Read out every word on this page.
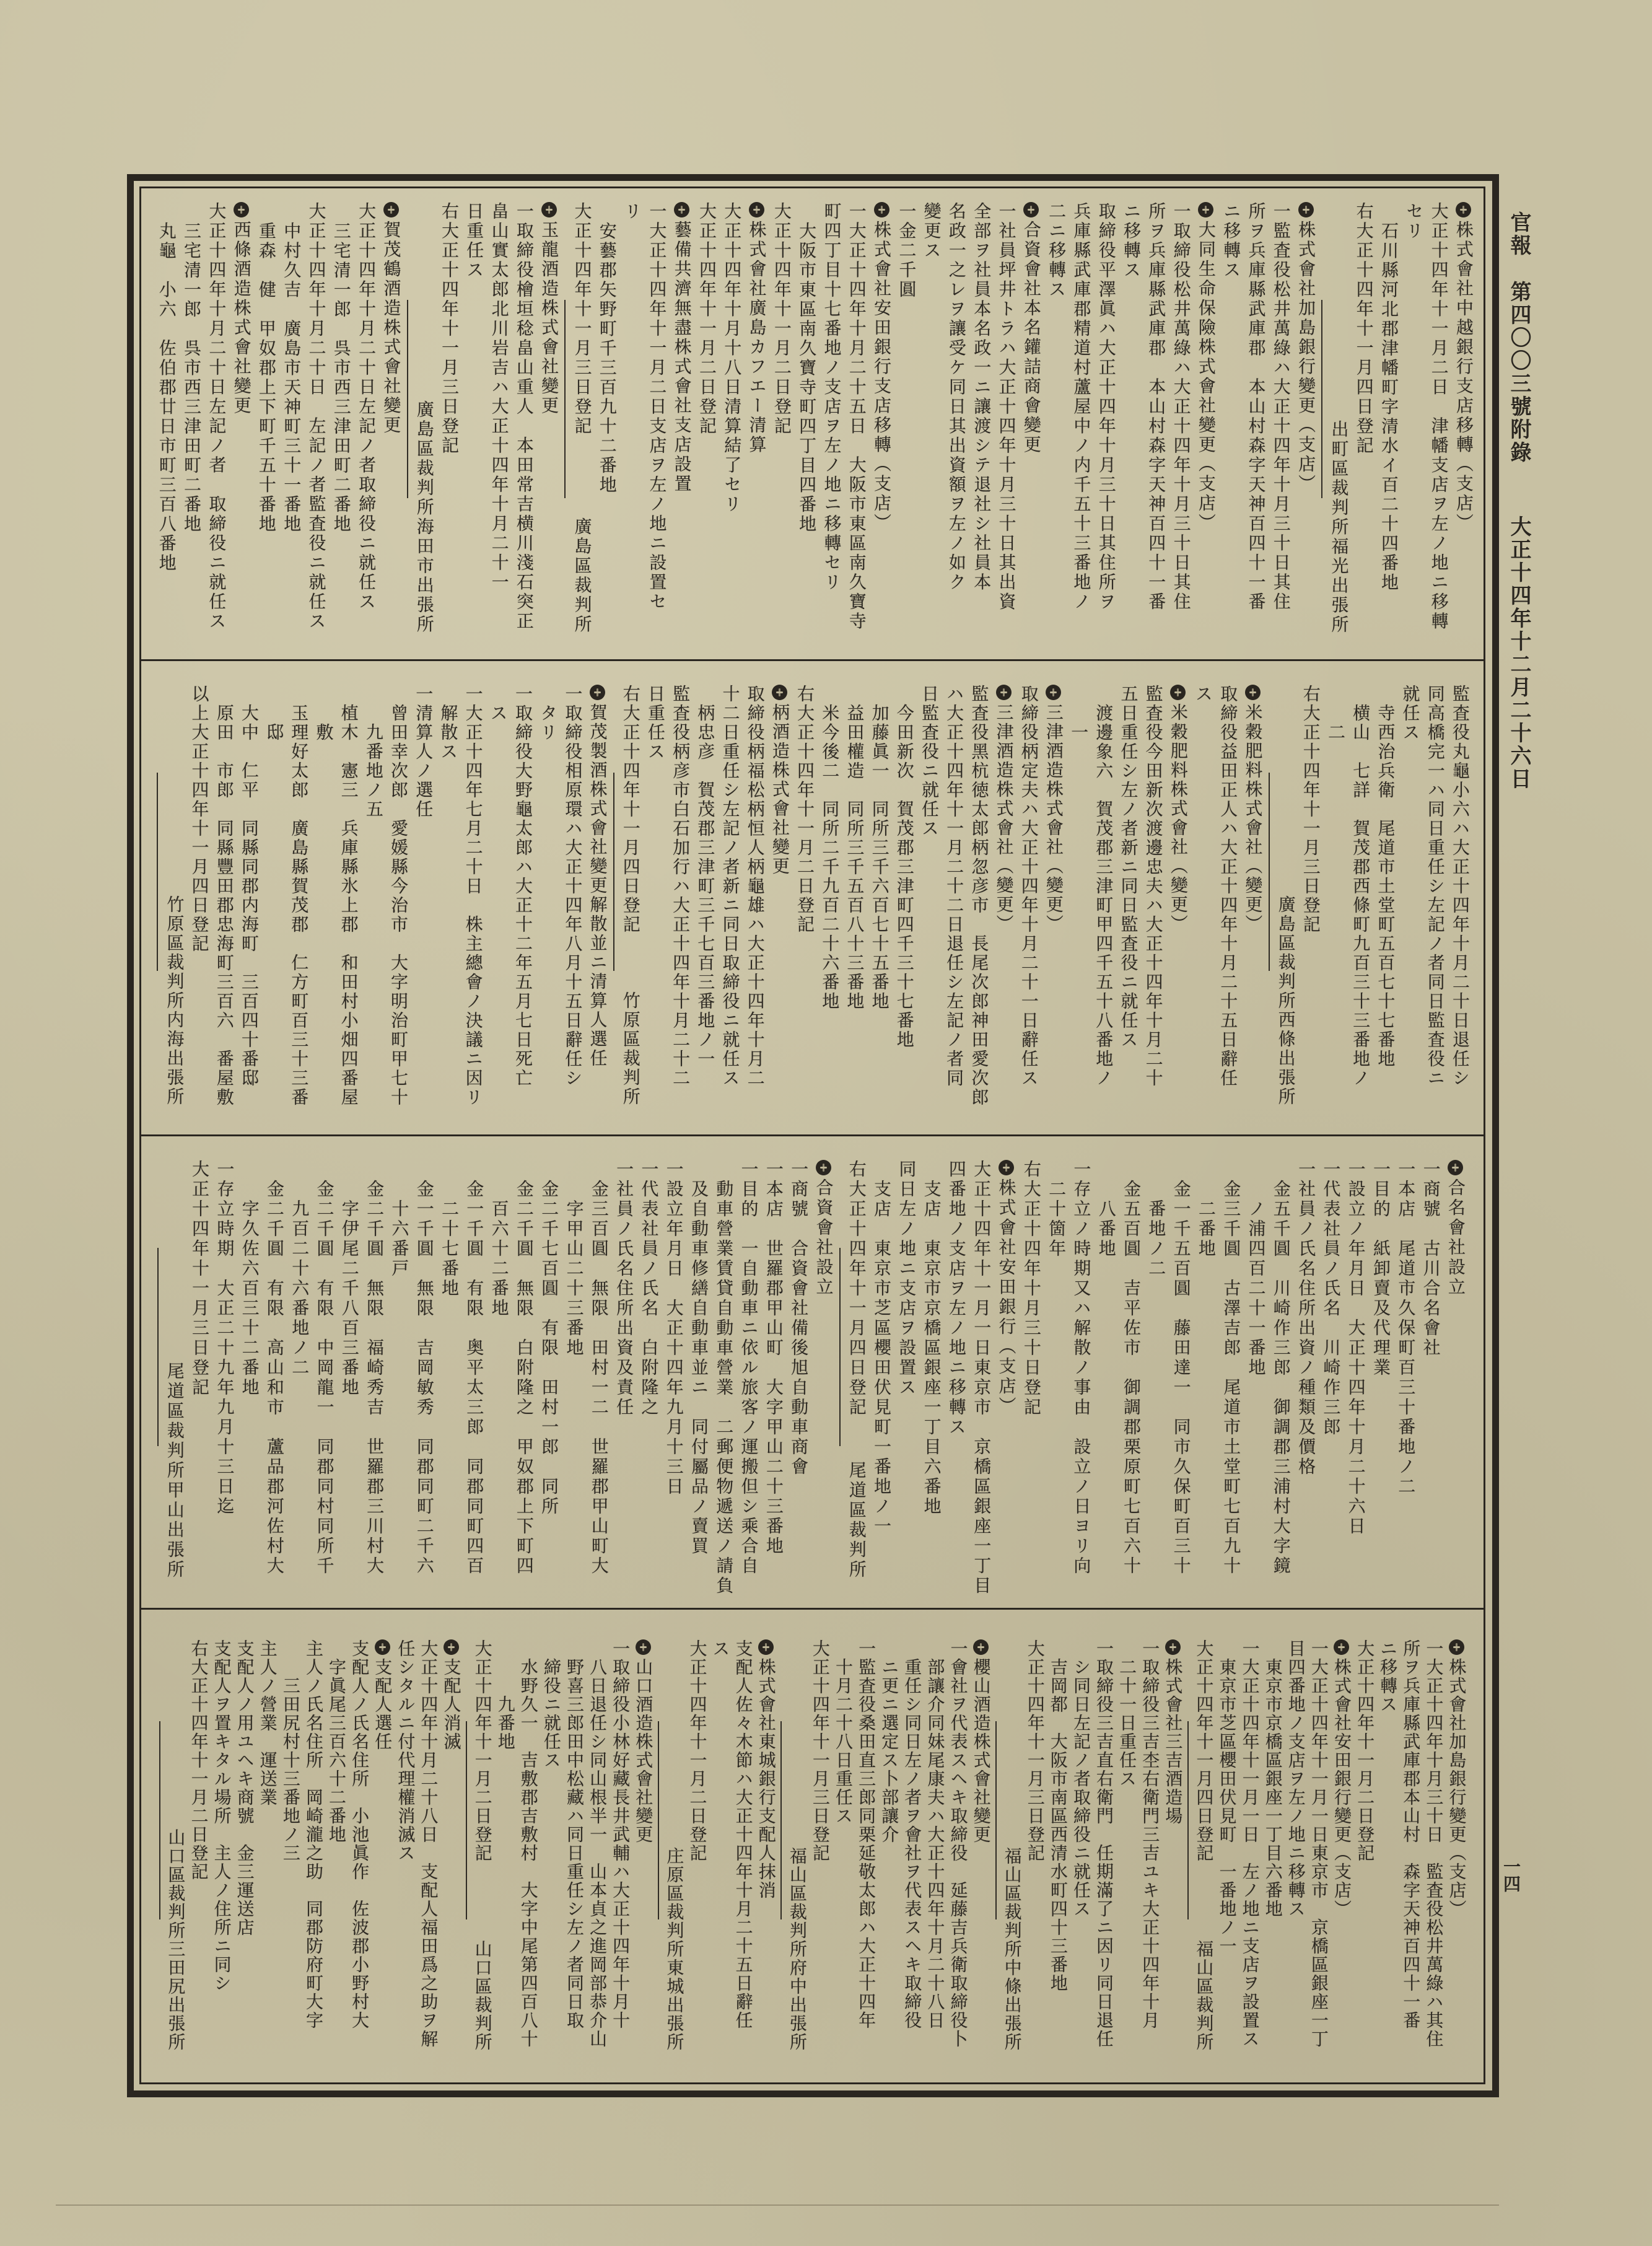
官報
第四〇〇三號附錄
大正十四年十二月二十六日
一四
株式會社中越銀行支店移轉（支店）
大正十四年十一月二日　津幡支店ヲ左ノ地ニ移轉
セリ
石川縣河北郡津幡町字清水イ百二十四番地
右大正十四年十一月四日登記
出町區裁判所福光出張所
株式會社加島銀行變更（支店）
一監査役松井萬綠ハ大正十四年十月三十日其住
所ヲ兵庫縣武庫郡　本山村森字天神百四十一番
ニ移轉ス
大同生命保險株式會社變更（支店）
一取締役松井萬綠ハ大正十四年十月三十日其住
所ヲ兵庫縣武庫郡　本山村森字天神百四十一番
ニ移轉ス
取締役平澤眞ハ大正十四年十月三十日其住所ヲ
兵庫縣武庫郡精道村蘆屋中ノ内千五十三番地ノ
二ニ移轉ス
合資會社本名鑵詰商會變更
一社員坪井トラハ大正十四年十月三十日其出資
全部ヲ社員本名政一ニ讓渡シテ退社シ社員本
名政一之レヲ讓受ケ同日其出資額ヲ左ノ如ク
變更ス
一金二千圓
株式會社安田銀行支店移轉（支店）
一大正十四年十月二十五日　大阪市東區南久寶寺
町四丁目十七番地ノ支店ヲ左ノ地ニ移轉セリ
大阪市東區南久寶寺町四丁目四番地
大正十四年十一月二日登記
株式會社廣島カフエー清算
大正十四年十月十八日清算結了セリ
大正十四年十一月二日登記
藝備共濟無盡株式會社支店設置
一大正十四年十一月二日支店ヲ左ノ地ニ設置セ
リ
安藝郡矢野町千三百九十二番地
大正十四年十一月三日登記
廣島區裁判所
玉龍酒造株式會社變更
一取締役檜垣稔畠山重人　本田常吉横川淺石突正
畠山實太郎北川岩吉ハ大正十四年十月二十一
日重任ス
右大正十四年十一月三日登記
廣島區裁判所海田市出張所
賀茂鶴酒造株式會社變更
大正十四年十月二十日左記ノ者取締役ニ就任ス
三宅清一郎　呉市西三津田町二番地
大正十四年十月二十日　左記ノ者監査役ニ就任ス
中村久吉　廣島市天神町三十一番地
重森　健　甲奴郡上下町千五十番地
西條酒造株式會社變更
大正十四年十月二十日左記ノ者　取締役ニ就任ス
三宅清一郎　呉市西三津田町二番地
丸龜　小六　佐伯郡廿日市町三百八番地
監査役丸龜小六ハ大正十四年十月二十日退任シ
同高橋完一ハ同日重任シ左記ノ者同日監査役ニ
就任ス
寺西治兵衛　尾道市土堂町五百七十七番地
横山　七詳　賀茂郡西條町九百三十三番地ノ
二
右大正十四年十一月三日登記
廣島區裁判所西條出張所
米穀肥料株式會社（變更）
取締役益田正人ハ大正十四年十月二十五日辭任
ス
米穀肥料株式會社（變更）
監査役今田新次渡邊忠夫ハ大正十四年十月二十
五日重任シ左ノ者新ニ同日監査役ニ就任ス
渡邊象六　賀茂郡三津町甲四千五十八番地ノ
一
三津酒造株式會社（變更）
取締役柄定夫ハ大正十四年十月二十一日辭任ス
三津酒造株式會社（變更）
監査役黑杭徳太郎柄忽彦市　長尾次郎神田愛次郎
ハ大正十四年十一月二十二日退任シ左記ノ者同
日監査役ニ就任ス
今田新次　賀茂郡三津町四千三十七番地
加藤眞一　同所三千六百七十五番地
益田權造　同所三千五百八十三番地
米今後二　同所二千九百二十六番地
右大正十四年十一月二日登記
柄酒造株式會社變更
取締役柄福松柄恒人柄龜雄ハ大正十四年十月二
十二日重任シ左記ノ者新ニ同日取締役ニ就任ス
柄忠彦　賀茂郡三津町三千七百三番地ノ一
監査役柄彦市白石加行ハ大正十四年十月二十二
日重任ス
右大正十四年十一月四日登記
竹原區裁判所
賀茂製酒株式會社變更解散並ニ清算人選任
一取締役相原環ハ大正十四年八月十五日辭任シ
タリ
一取締役大野龜太郎ハ大正十二年五月七日死亡
ス
一大正十四年七月二十日　株主總會ノ決議ニ因リ
解散ス
一清算人ノ選任
曾田幸次郎　愛媛縣今治市　大字明治町甲七十
九番地ノ五
植木　憲三　兵庫縣氷上郡　和田村小畑四番屋
敷
玉理好太郎　廣島縣賀茂郡　仁方町百三十三番
邸
大中　仁平　同縣同郡内海町　三百四十番邸
原田　市郎　同縣豐田郡忠海町三百六　番屋敷
以上大正十四年十一月四日登記
竹原區裁判所内海出張所
合名會社設立
一商號　古川合名會社
一本店　尾道市久保町百三十番地ノ二
一目的　紙卸賣及代理業
一設立ノ年月日　大正十四年十月二十六日
一代表社員ノ氏名　川崎作三郎
一社員ノ氏名住所出資ノ種類及價格
金五千圓　川崎作三郎　御調郡三浦村大字鏡
ノ浦四百二十一番地
金三千圓　古澤吉郎　尾道市土堂町七百九十
二番地
金一千五百圓　藤田達一　同市久保町百三十
番地ノ二
金五百圓　吉平佐市　御調郡栗原町七百六十
八番地
一存立ノ時期又ハ解散ノ事由　設立ノ日ヨリ向
二十箇年
右大正十四年十月三十日登記
株式會社安田銀行（支店）
大正十四年十一月一日東京市　京橋區銀座一丁目
四番地ノ支店ヲ左ノ地ニ移轉ス
支店　東京市京橋區銀座一丁目六番地
同日左ノ地ニ支店ヲ設置ス
支店　東京市芝區櫻田伏見町一番地ノ一
右大正十四年十一月四日登記
尾道區裁判所
合資會社設立
一商號　合資會社備後旭自動車商會
一本店　世羅郡甲山町　大字甲山二十三番地
一目的　一自動車ニ依ル旅客ノ運搬但シ乘合自
動車營業賃貸自動車營業　二郵便物遞送ノ請負
及自動車修繕自動車並ニ　同付屬品ノ賣買
一設立年月日　大正十四年九月十三日
一代表社員ノ氏名　白附隆之
一社員ノ氏名住所出資及責任
金三百圓　無限　田村一二　世羅郡甲山町大
字甲山二十三番地
金二千七百圓　有限　田村一郎　同所
金二千圓　無限　白附隆之　甲奴郡上下町四
百六十二番地
金一千圓　有限　奥平太三郎　同郡同町四百
二十七番地
金一千圓　無限　吉岡敏秀　同郡同町二千六
十六番戸
金二千圓　無限　福崎秀吉　世羅郡三川村大
字伊尾二千八百三番地
金二千圓　有限　中岡龍一　同郡同村同所千
九百二十六番地ノ二
金二千圓　有限　高山和市　蘆品郡河佐村大
字久佐六百三十二番地
一存立時期　大正二十九年九月十三日迄
大正十四年十一月三日登記
尾道區裁判所甲山出張所
株式會社加島銀行變更（支店）
一大正十四年十月三十日　監査役松井萬綠ハ其住
所ヲ兵庫縣武庫郡本山村　森字天神百四十一番
ニ移轉ス
大正十四年十一月二日登記
株式會社安田銀行變更（支店）
一大正十四年十一月一日東京市　京橋區銀座一丁
目四番地ノ支店ヲ左ノ地ニ移轉ス
東京市京橋區銀座一丁目六番地
一大正十四年十一月一日　左ノ地ニ支店ヲ設置ス
東京市芝區櫻田伏見町　一番地ノ一
大正十四年十一月四日登記
福山區裁判所
株式會社三吉酒造場
一取締役三吉杢右衛門三吉ユキ大正十四年十月
二十一日重任ス
一取締役三吉直右衛門　任期滿了ニ因リ同日退任
シ同日左記ノ者取締役ニ就任ス
吉岡都　大阪市南區西清水町四十三番地
大正十四年十一月三日登記
福山區裁判所中條出張所
櫻山酒造株式會社變更
一會社ヲ代表スヘキ取締役　延藤吉兵衛取締役卜
部讓介同妹尾康夫ハ大正十四年十月二十八日
重任シ同日左ノ者ヲ會社ヲ代表スヘキ取締役
ニ更ニ選定ス卜部讓介
一監査役桑田直三郎同栗延敬太郎ハ大正十四年
十月二十八日重任ス
大正十四年十一月三日登記
福山區裁判所府中出張所
株式會社東城銀行支配人抹消
支配人佐々木節ハ大正十四年十月二十五日辭任
ス
大正十四年十一月二日登記
庄原區裁判所東城出張所
山口酒造株式會社變更
一取締役小林好藏長井武輔ハ大正十四年十月十
八日退任シ同山根半一　山本貞之進岡部恭介山
野喜三郎田中松藏ハ同日重任シ左ノ者同日取
締役ニ就任ス
水野久一　吉敷郡吉敷村　大字中尾第四百八十
九番地
大正十四年十一月二日登記
山口區裁判所
支配人消滅
大正十四年十月二十八日　支配人福田爲之助ヲ解
任シタルニ付代理權消滅ス
支配人選任
支配人ノ氏名住所　小池眞作　佐波郡小野村大
字眞尾三百六十二番地
主人ノ氏名住所　岡崎瀧之助　同郡防府町大字
三田尻村十三番地ノ三
主人ノ營業　運送業
支配人ノ用ユヘキ商號　金三運送店
支配人ヲ置キタル場所　主人ノ住所ニ同シ
右大正十四年十一月二日登記
山口區裁判所三田尻出張所
